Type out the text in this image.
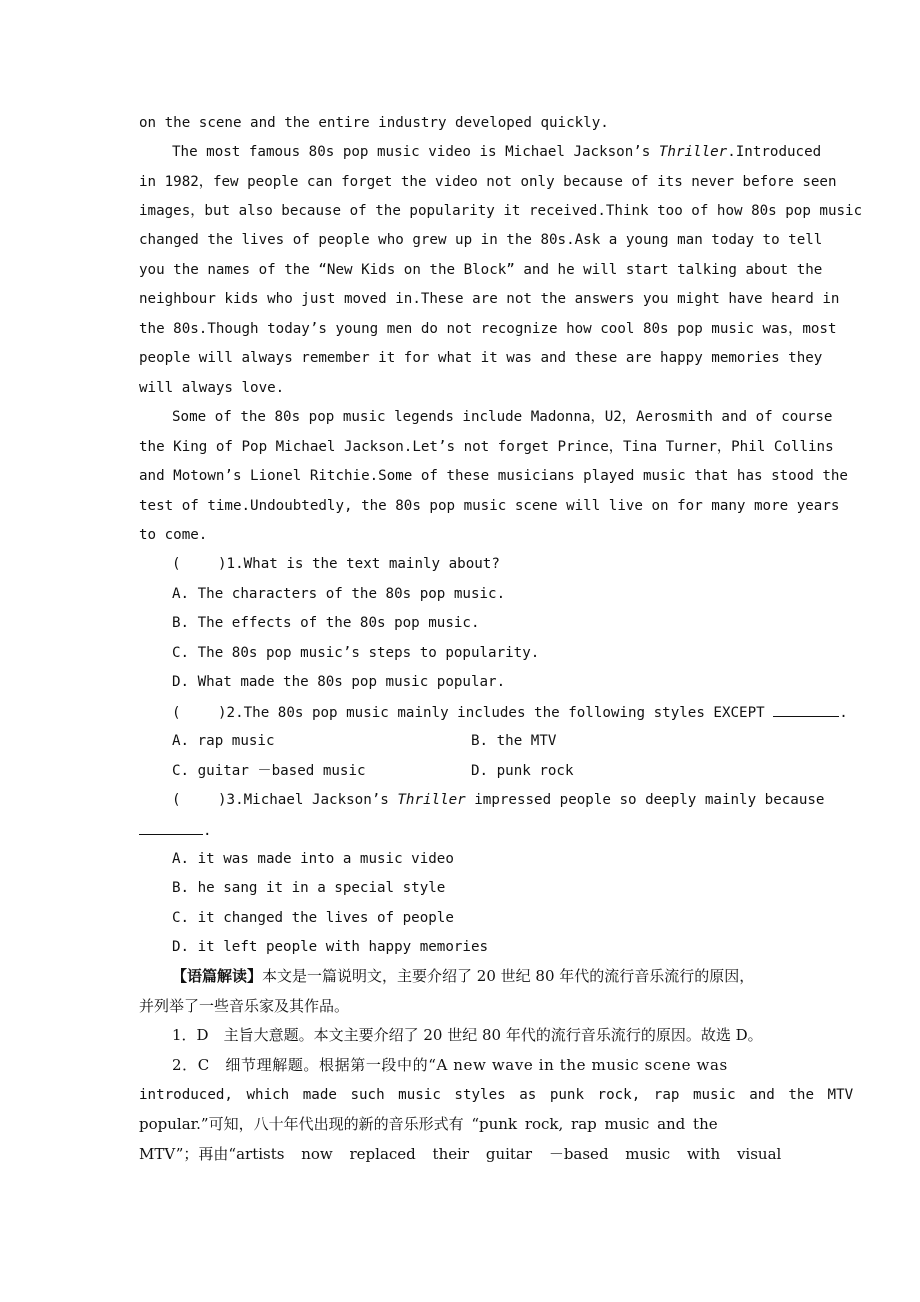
on the scene and the entire industry developed quickly.
The most famous 80s pop music video is Michael Jackson’s Thriller.Introduced
in 1982，few people can forget the video not only because of its never before seen
images，but also because of the popularity it received.Think too of how 80s pop music
changed the lives of people who grew up in the 80s.Ask a young man today to tell
you the names of the “New Kids on the Block” and he will start talking about the
neighbour kids who just moved in.These are not the answers you might have heard in
the 80s.Though today’s young men do not recognize how cool 80s pop music was，most
people will always remember it for what it was and these are happy memories they
will always love.
Some of the 80s pop music legends include Madonna，U2，Aerosmith and of course
the King of Pop Michael Jackson.Let’s not forget Prince，Tina Turner，Phil Collins
and Motown’s Lionel Ritchie.Some of these musicians played music that has stood the
test of time.Undoubtedly, the 80s pop music scene will live on for many more years
to come.
(	)1.What is the text mainly about?
A. The characters of the 80s pop music.
B. The effects of the 80s pop music.
C. The 80s pop music’s steps to popularity.
D. What made the 80s pop music popular.
(	)2.The 80s pop music mainly includes the following styles EXCEPT	.
A. rap music	B. the MTV
C. guitar －based music	D. punk rock
(	)3.Michael Jackson’s Thriller impressed people so deeply mainly because
.
A. it was made into a music video
B. he sang it in a special style
C. it changed the lives of people
D. it left people with happy memories
【语篇解读】本文是一篇说明文，主要介绍了 20 世纪 80 年代的流行音乐流行的原因，
并列举了一些音乐家及其作品。
1．D　主旨大意题。本文主要介绍了 20 世纪 80 年代的流行音乐流行的原因。故选 D。
2．C　细节理解题。根据第一段中的“A new wave in the music scene was
introduced, which made such music styles as punk rock, rap music and the MTV
popular.”可知，八十年代出现的新的音乐形式有 “punk rock, rap music and the
MTV”；再由“artists now replaced their guitar －based music with visual
